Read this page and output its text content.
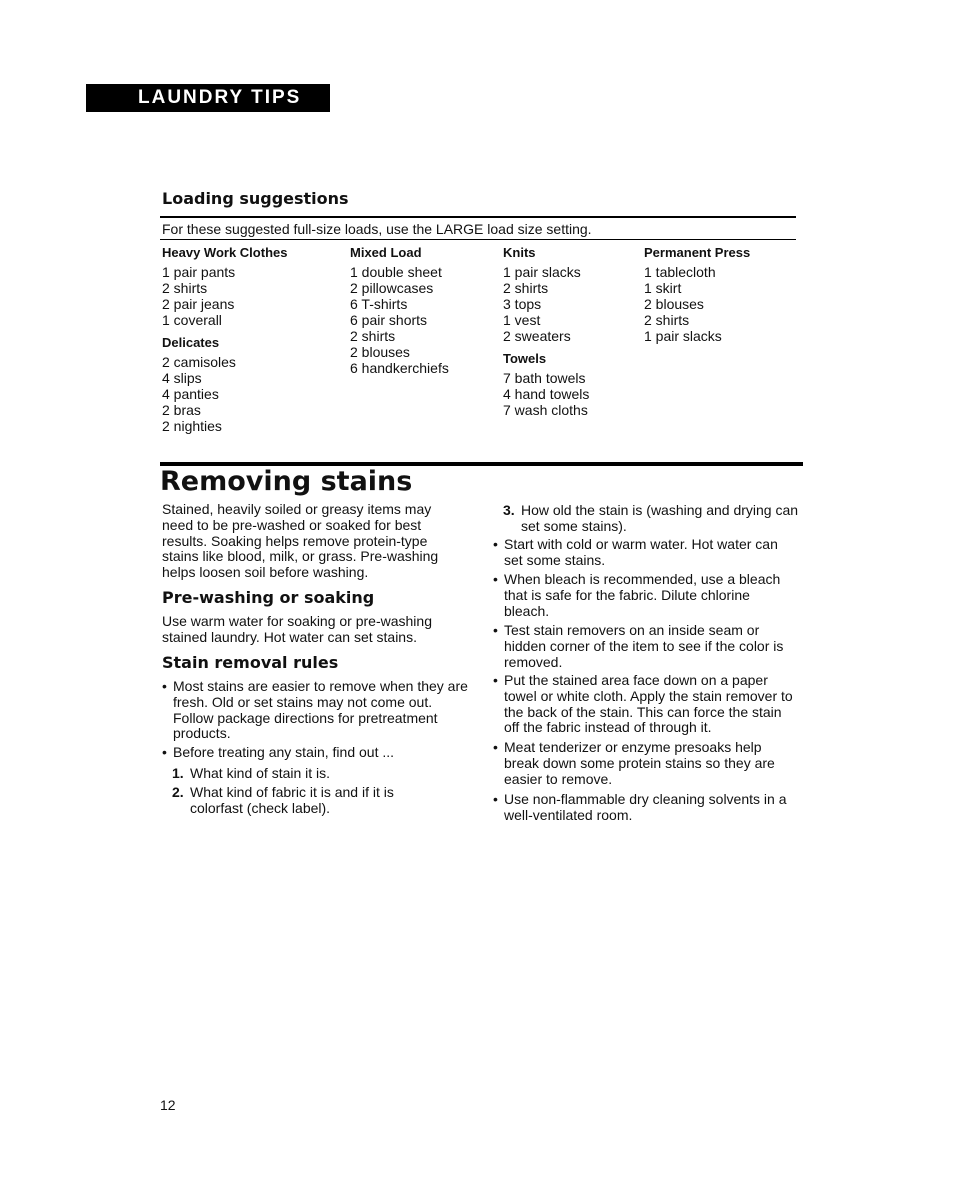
LAUNDRY TIPS
Loading suggestions
For these suggested full-size loads, use the LARGE load size setting.
Heavy Work Clothes
1 pair pants
2 shirts
2 pair jeans
1 coverall
Delicates
2 camisoles
4 slips
4 panties
2 bras
2 nighties
Mixed Load
1 double sheet
2 pillowcases
6 T-shirts
6 pair shorts
2 shirts
2 blouses
6 handkerchiefs
Knits
1 pair slacks
2 shirts
3 tops
1 vest
2 sweaters
Towels
7 bath towels
4 hand towels
7 wash cloths
Permanent Press
1 tablecloth
1 skirt
2 blouses
2 shirts
1 pair slacks
Removing stains
Stained, heavily soiled or greasy items may need to be pre-washed or soaked for best results. Soaking helps remove protein-type stains like blood, milk, or grass. Pre-washing helps loosen soil before washing.
Pre-washing or soaking
Use warm water for soaking or pre-washing stained laundry. Hot water can set stains.
Stain removal rules
• Most stains are easier to remove when they are fresh. Old or set stains may not come out. Follow package directions for pretreatment products.
• Before treating any stain, find out ...
1. What kind of stain it is.
2. What kind of fabric it is and if it is colorfast (check label).
3. How old the stain is (washing and drying can set some stains).
• Start with cold or warm water. Hot water can set some stains.
• When bleach is recommended, use a bleach that is safe for the fabric. Dilute chlorine bleach.
• Test stain removers on an inside seam or hidden corner of the item to see if the color is removed.
• Put the stained area face down on a paper towel or white cloth. Apply the stain remover to the back of the stain. This can force the stain off the fabric instead of through it.
• Meat tenderizer or enzyme presoaks help break down some protein stains so they are easier to remove.
• Use non-flammable dry cleaning solvents in a well-ventilated room.
12
